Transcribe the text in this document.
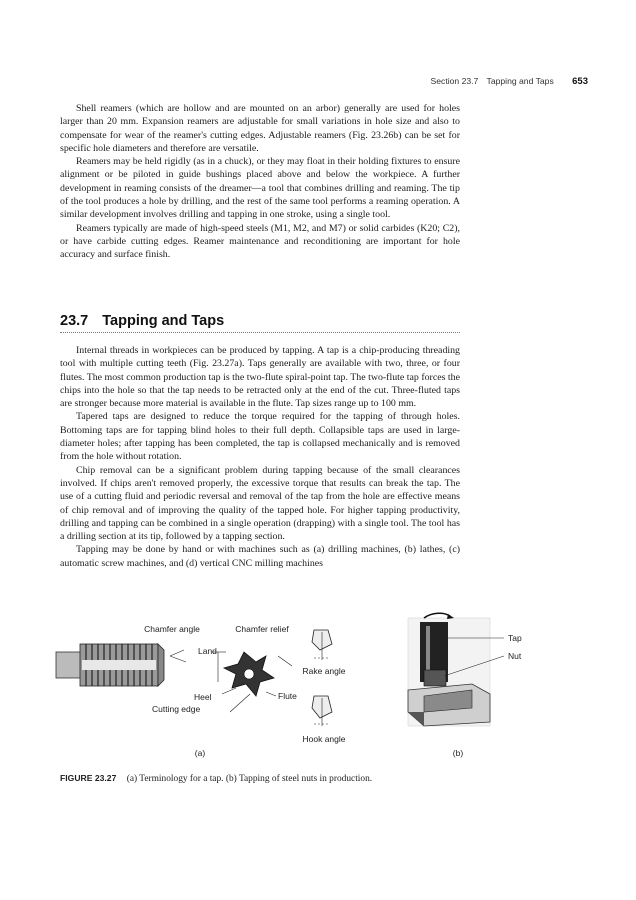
Section 23.7 Tapping and Taps 653

Shell reamers (which are hollow and are mounted on an arbor) generally are used for holes larger than 20 mm. Expansion reamers are adjustable for small variations in hole size and also to compensate for wear of the reamer's cutting edges. Adjustable reamers (Fig. 23.26b) can be set for specific hole diameters and therefore are versatile.

Reamers may be held rigidly (as in a chuck), or they may float in their holding fixtures to ensure alignment or be piloted in guide bushings placed above and below the workpiece. A further development in reaming consists of the dreamer—a tool that combines drilling and reaming. The tip of the tool produces a hole by drilling, and the rest of the same tool performs a reaming operation. A similar development involves drilling and tapping in one stroke, using a single tool.

Reamers typically are made of high-speed steels (M1, M2, and M7) or solid carbides (K20; C2), or have carbide cutting edges. Reamer maintenance and reconditioning are important for hole accuracy and surface finish.

23.7 Tapping and Taps

Internal threads in workpieces can be produced by tapping. A tap is a chip-producing threading tool with multiple cutting teeth (Fig. 23.27a). Taps generally are available with two, three, or four flutes. The most common production tap is the two-flute spiral-point tap. The two-flute tap forces the chips into the hole so that the tap needs to be retracted only at the end of the cut. Three-fluted taps are stronger because more material is available in the flute. Tap sizes range up to 100 mm.

Tapered taps are designed to reduce the torque required for the tapping of through holes. Bottoming taps are for tapping blind holes to their full depth. Collapsible taps are used in large-diameter holes; after tapping has been completed, the tap is collapsed mechanically and is removed from the hole without rotation.

Chip removal can be a significant problem during tapping because of the small clearances involved. If chips aren't removed properly, the excessive torque that results can break the tap. The use of a cutting fluid and periodic reversal and removal of the tap from the hole are effective means of chip removal and of improving the quality of the tapped hole. For higher tapping productivity, drilling and tapping can be combined in a single operation (drapping) with a single tool. The tool has a drilling section at its tip, followed by a tapping section.

Tapping may be done by hand or with machines such as (a) drilling machines, (b) lathes, (c) automatic screw machines, and (d) vertical CNC milling machines

Chamfer angle
Land
Chamfer relief
Heel	Flute
Cutting edge
Rake angle
Hook angle
Tap
Nut
(a)	(b)
FIGURE 23.27 (a) Terminology for a tap. (b) Tapping of steel nuts in production.
